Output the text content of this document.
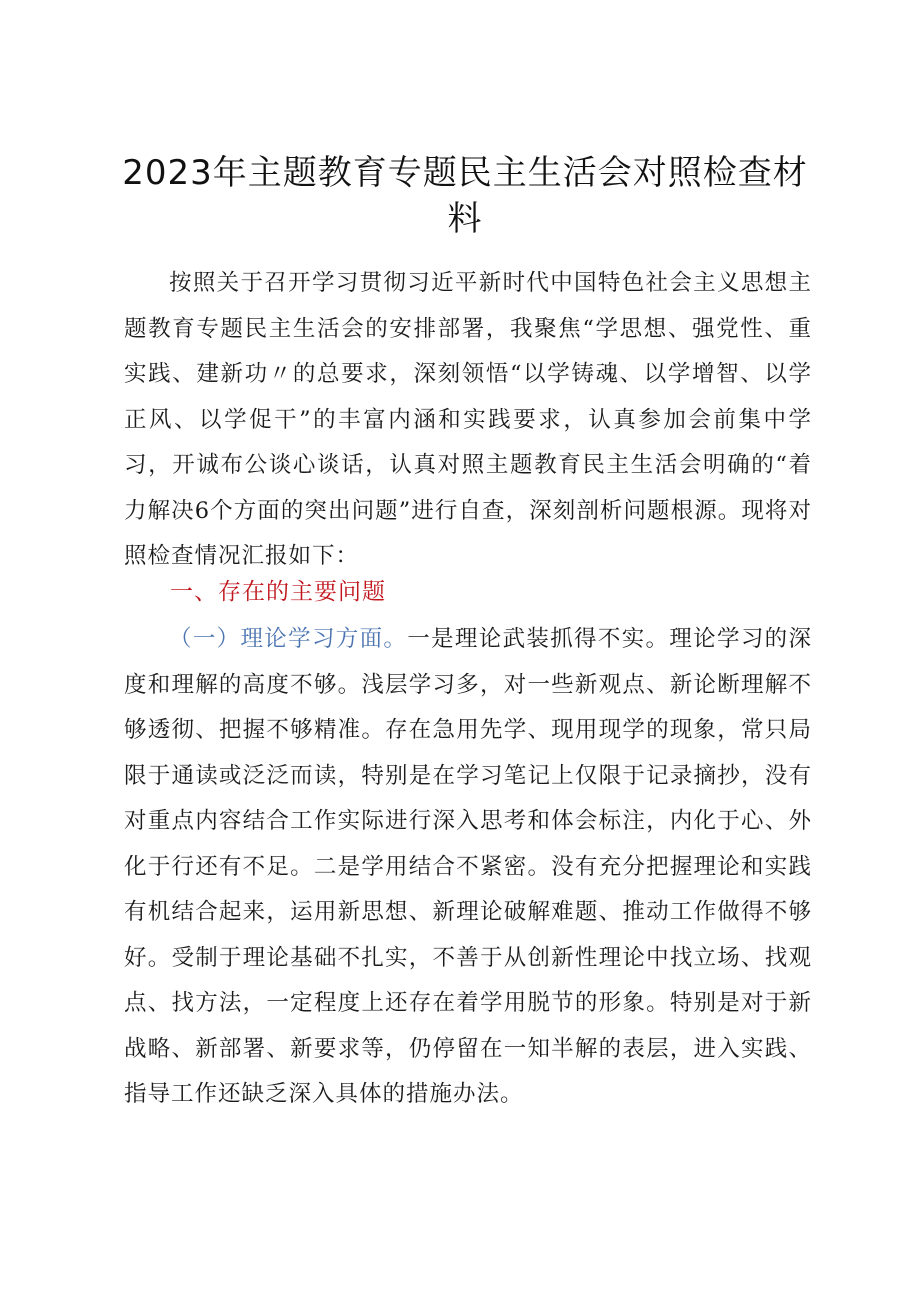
2023年主题教育专题民主生活会对照检查材料

按照关于召开学习贯彻习近平新时代中国特色社会主义思想主题教育专题民主生活会的安排部署，我聚焦“学思想、强党性、重实践、建新功〃的总要求，深刻领悟“以学铸魂、以学增智、以学正风、以学促干”的丰富内涵和实践要求，认真参加会前集中学习，开诚布公谈心谈话，认真对照主题教育民主生活会明确的“着力解决6个方面的突出问题”进行自查，深刻剖析问题根源。现将对照检查情况汇报如下：

一、存在的主要问题

（一）理论学习方面。一是理论武装抓得不实。理论学习的深度和理解的高度不够。浅层学习多，对一些新观点、新论断理解不够透彻、把握不够精准。存在急用先学、现用现学的现象，常只局限于通读或泛泛而读，特别是在学习笔记上仅限于记录摘抄，没有对重点内容结合工作实际进行深入思考和体会标注，内化于心、外化于行还有不足。二是学用结合不紧密。没有充分把握理论和实践有机结合起来，运用新思想、新理论破解难题、推动工作做得不够好。受制于理论基础不扎实，不善于从创新性理论中找立场、找观点、找方法，一定程度上还存在着学用脱节的形象。特别是对于新战略、新部署、新要求等，仍停留在一知半解的表层，进入实践、指导工作还缺乏深入具体的措施办法。
